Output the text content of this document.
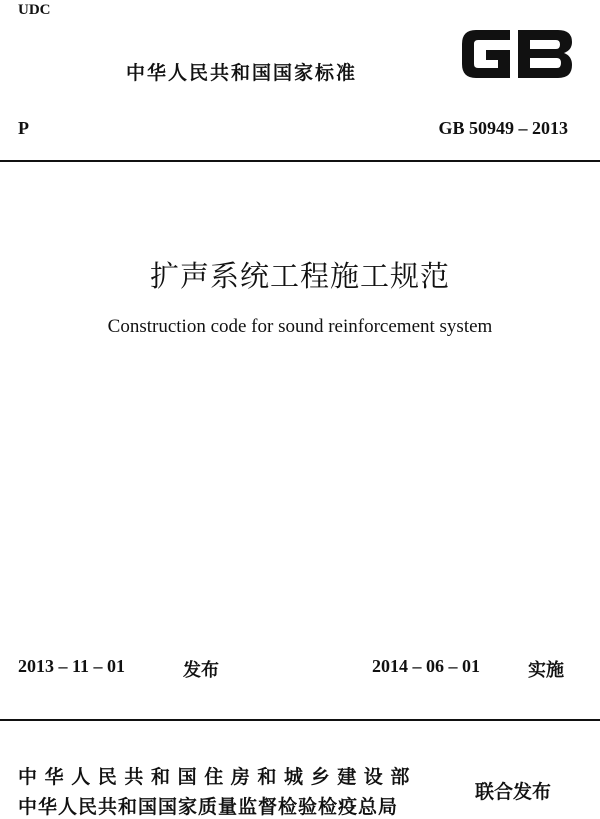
UDC
中华人民共和国国家标准
P	GB 50949 – 2013
扩声系统工程施工规范
Construction code for sound reinforcement system
2013 – 11 – 01	发布	2014 – 06 – 01	实施
中华人民共和国住房和城乡建设部
中华人民共和国国家质量监督检验检疫总局
联合发布
